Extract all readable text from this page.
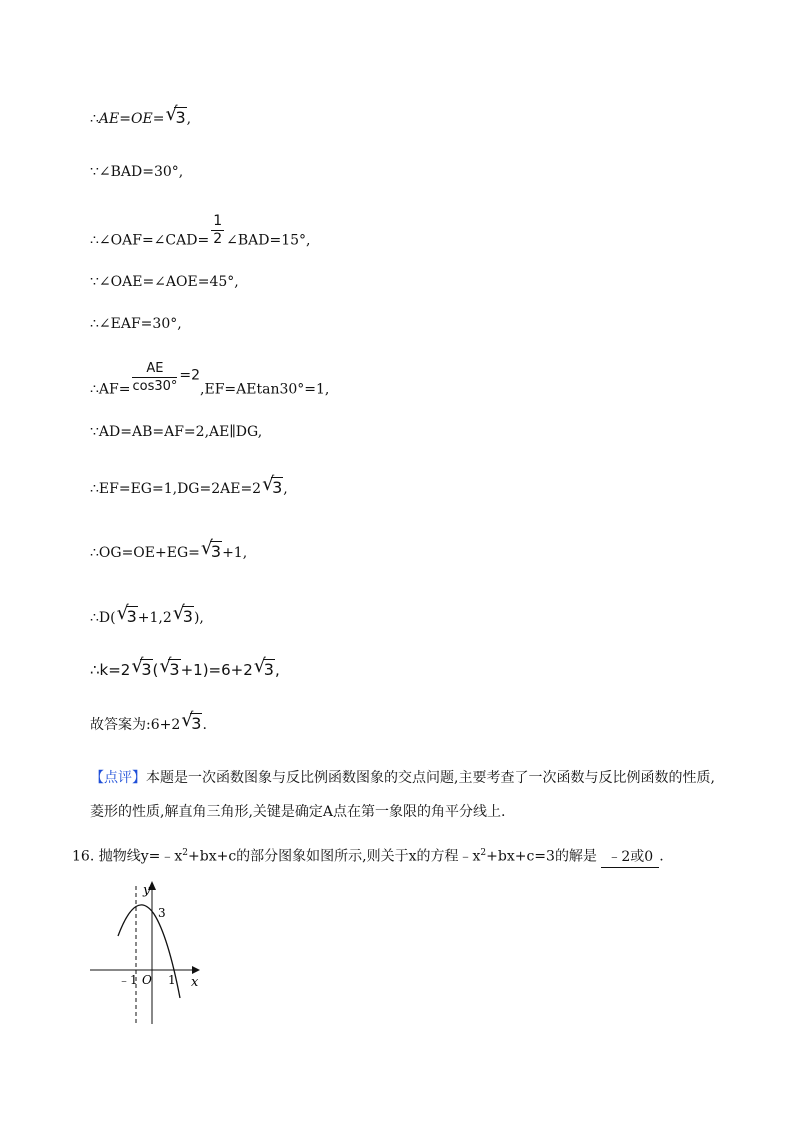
∴AE=OE= √
3,
∵∠BAD=30°,
∴∠OAF=∠CAD= $\frac{1}{2}$ ∠BAD=15°,
∵∠OAE=∠AOE=45°,
∴∠EAF=30°,
∴AF= $\frac{AE}{\cos 30^\circ} =2,EF=AEtan30^\circ=1$,
∵AD=AB=AF=2,AE∥DG,
∴EF=EG=1,DG=2AE=2 √
3,
∴OG=OE+EG= √
3+1,
∴D( √
3+1,2 √
3),
∴k=2 √
3( √
3+1)=6+2 √
3,
故答案为:6+2 √
3.
【点评】本题是一次函数图象与反比例函数图象的交点问题,主要考查了一次函数与反比例函数的性质,
菱形的性质,解直角三角形,关键是确定A点在第一象限的角平分线上.
16. 抛物线$y=﹣x^2+bx+c$的部分图象如图所示,则关于x的方程$﹣x^2+bx+c=3$的解是 ﹣2或0 .
y
x
3
﹣1 O 1
